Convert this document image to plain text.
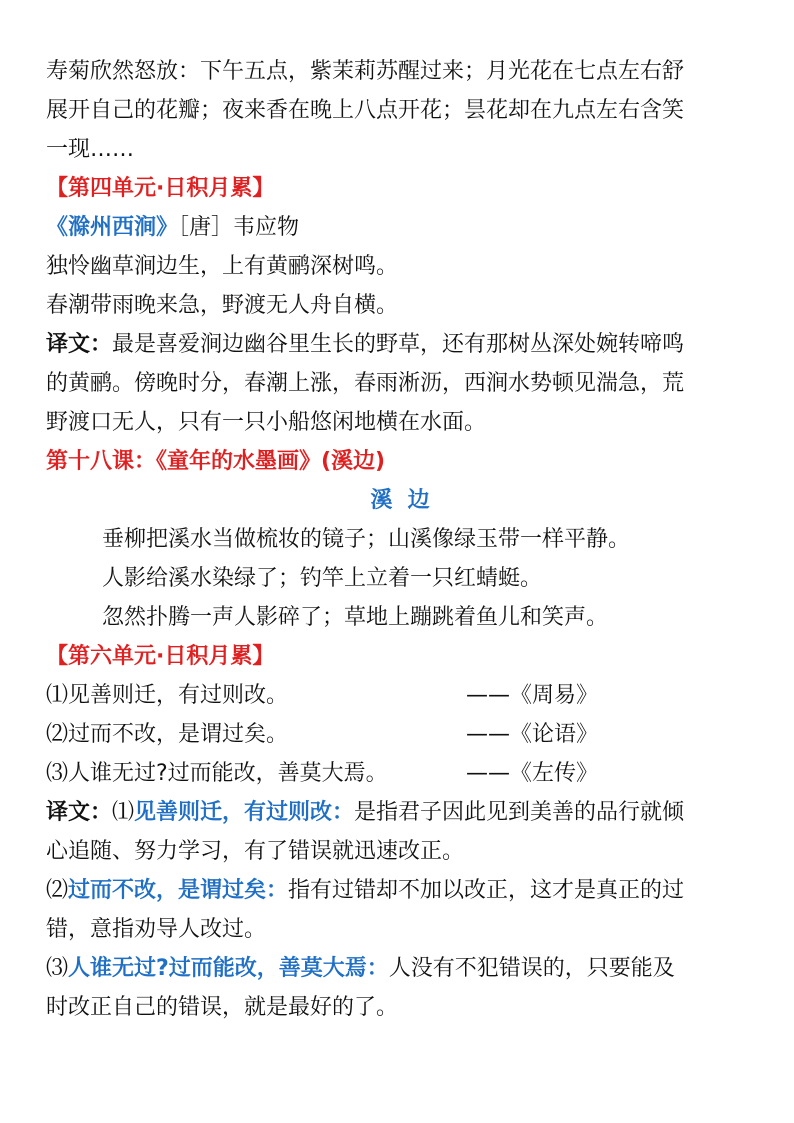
寿菊欣然怒放：下午五点，紫茉莉苏醒过来；月光花在七点左右舒
展开自己的花瓣；夜来香在晚上八点开花；昙花却在九点左右含笑
一现……
【第四单元·日积月累】
《滁州西涧》［唐］韦应物
独怜幽草涧边生，上有黄鹂深树鸣。
春潮带雨晚来急，野渡无人舟自横。
译文：最是喜爱涧边幽谷里生长的野草，还有那树丛深处婉转啼鸣
的黄鹂。傍晚时分，春潮上涨，春雨淅沥，西涧水势顿见湍急，荒
野渡口无人，只有一只小船悠闲地横在水面。
第十八课：《童年的水墨画》(溪边)
溪  边
垂柳把溪水当做梳妆的镜子；山溪像绿玉带一样平静。
人影给溪水染绿了；钓竿上立着一只红蜻蜓。
忽然扑腾一声人影碎了；草地上蹦跳着鱼儿和笑声。
【第六单元·日积月累】
⑴见善则迁，有过则改。	——《周易》
⑵过而不改，是谓过矣。	——《论语》
⑶人谁无过?过而能改，善莫大焉。	——《左传》
译文：⑴见善则迁，有过则改：是指君子因此见到美善的品行就倾
心追随、努力学习，有了错误就迅速改正。
⑵过而不改，是谓过矣：指有过错却不加以改正，这才是真正的过
错，意指劝导人改过。
⑶人谁无过?过而能改，善莫大焉：人没有不犯错误的，只要能及
时改正自己的错误，就是最好的了。
